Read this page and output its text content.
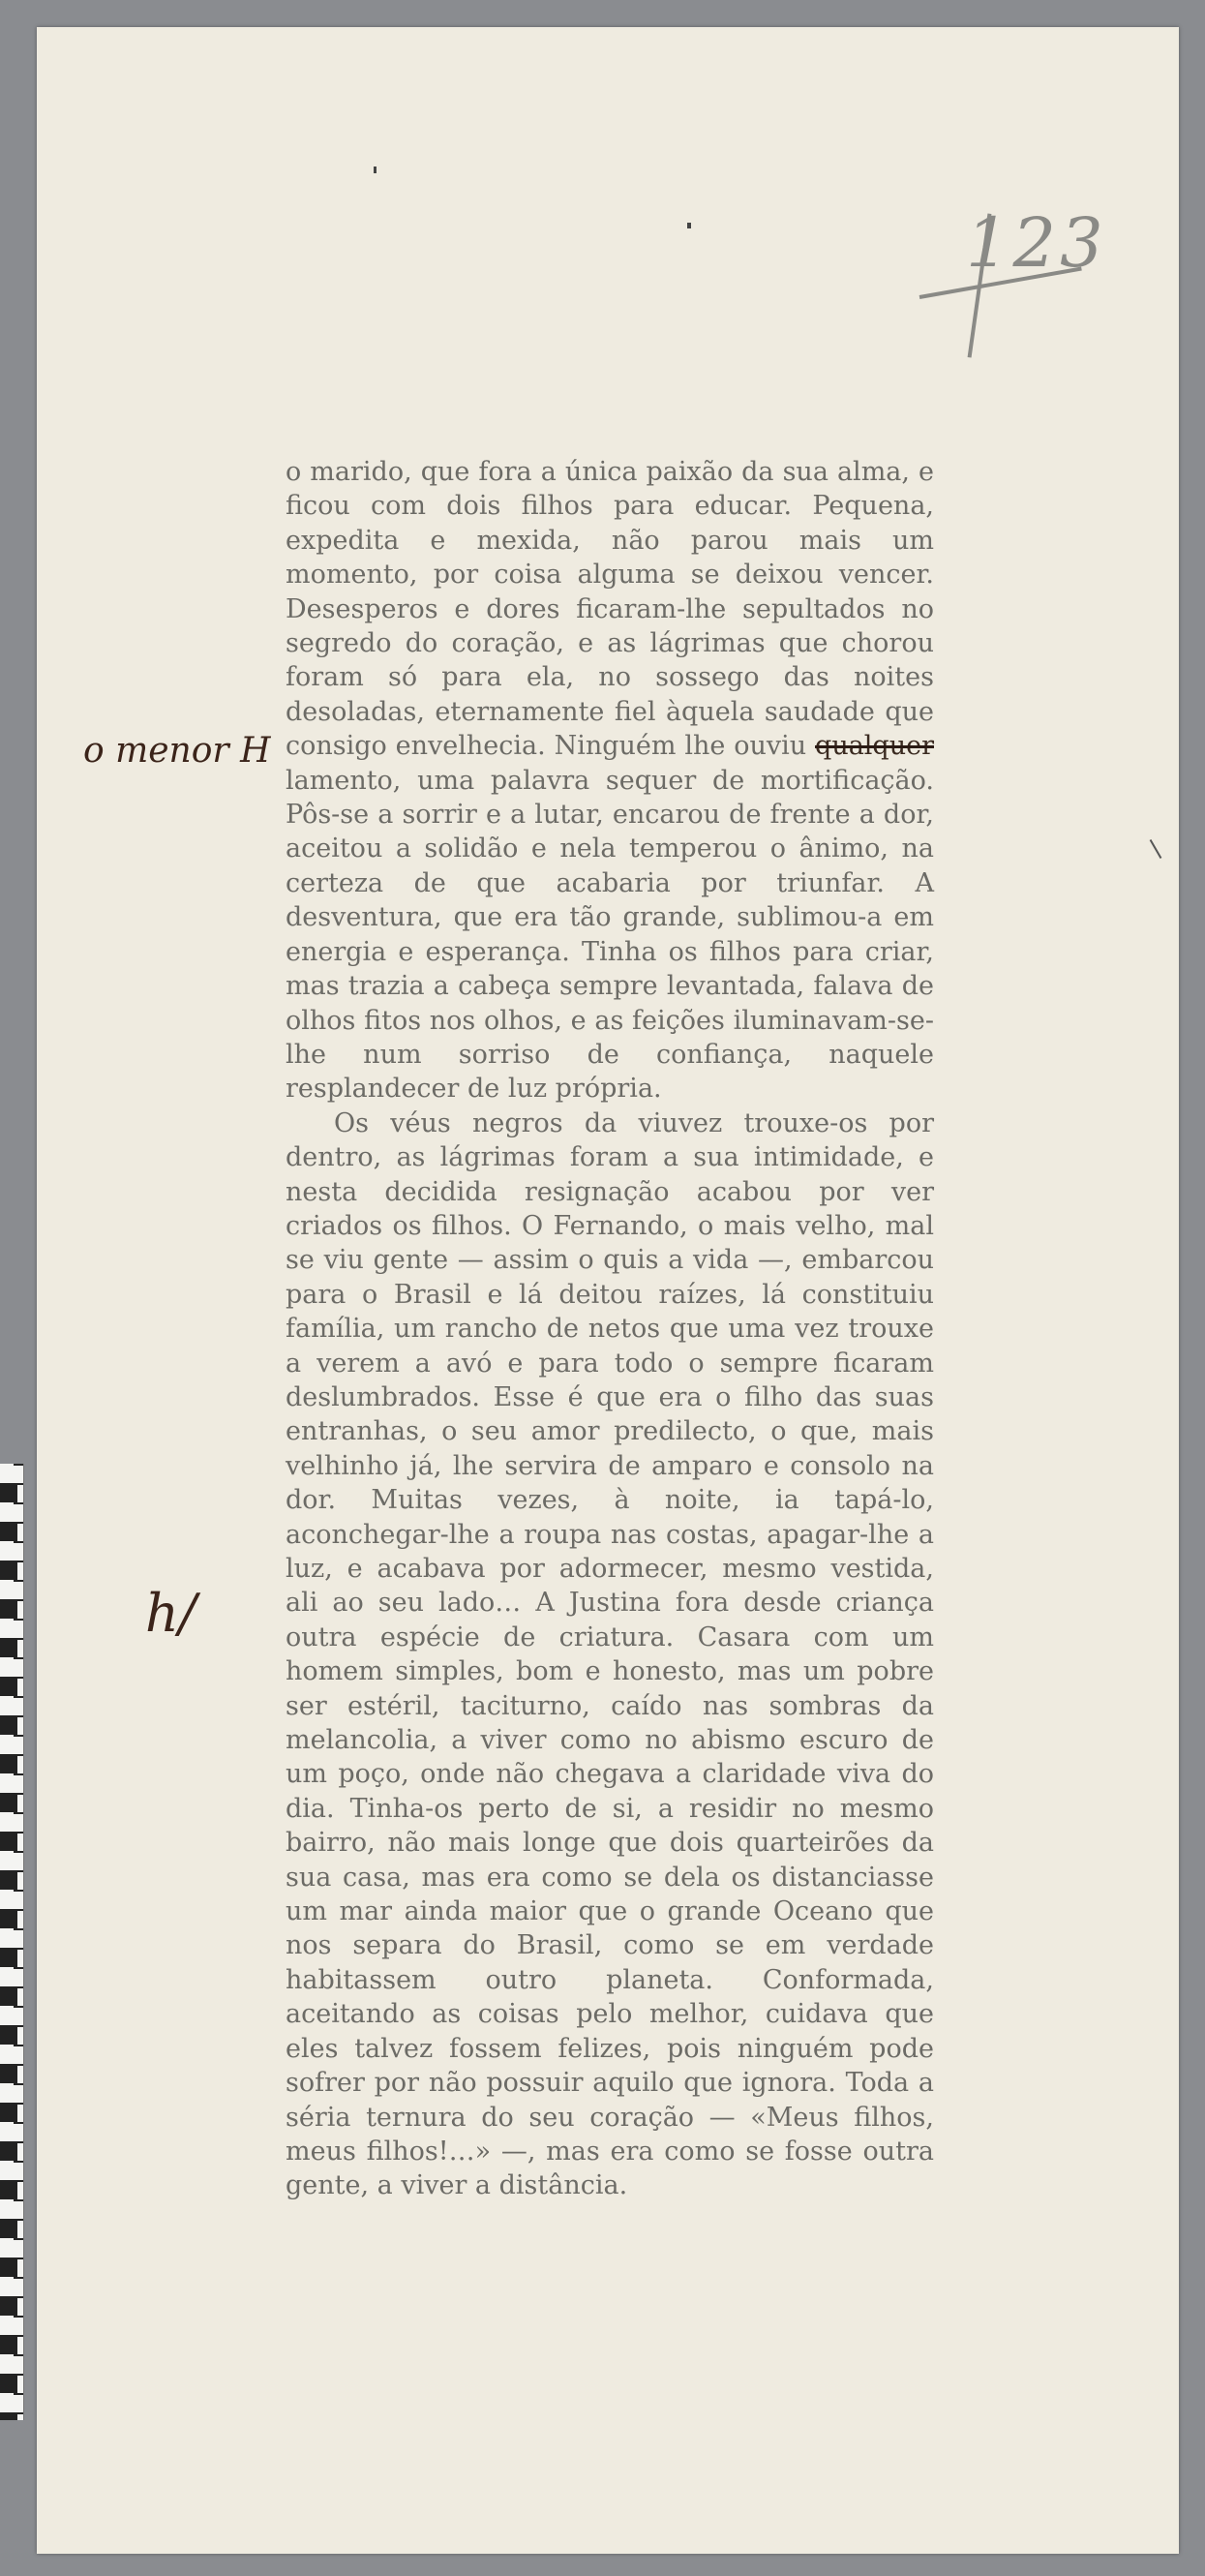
123
o menor H
h/

o marido, que fora a única paixão da sua alma, e ficou com dois filhos para educar. Pequena, expedita e mexida, não parou mais um momento, por coisa alguma se deixou vencer. Desesperos e dores ficaram-lhe sepultados no segredo do coração, e as lágrimas que chorou foram só para ela, no sossego das noites desoladas, eternamente fiel àquela saudade que consigo envelhecia. Ninguém lhe ouviu qualquer lamento, uma palavra sequer de mortificação. Pôs-se a sorrir e a lutar, encarou de frente a dor, aceitou a solidão e nela temperou o ânimo, na certeza de que acabaria por triunfar. A desventura, que era tão grande, sublimou-a em energia e esperança. Tinha os filhos para criar, mas trazia a cabeça sempre levantada, falava de olhos fitos nos olhos, e as feições iluminavam-se-lhe num sorriso de confiança, naquele resplandecer de luz própria.

Os véus negros da viuvez trouxe-os por dentro, as lágrimas foram a sua intimidade, e nesta decidida resignação acabou por ver criados os filhos. O Fernando, o mais velho, mal se viu gente — assim o quis a vida —, embarcou para o Brasil e lá deitou raízes, lá constituiu família, um rancho de netos que uma vez trouxe a verem a avó e para todo o sempre ficaram deslumbrados. Esse é que era o filho das suas entranhas, o seu amor predilecto, o que, mais velhinho já, lhe servira de amparo e consolo na dor. Muitas vezes, à noite, ia tapá-lo, aconchegar-lhe a roupa nas costas, apagar-lhe a luz, e acabava por adormecer, mesmo vestida, ali ao seu lado… A Justina fora desde criança outra espécie de criatura. Casara com um homem simples, bom e honesto, mas um pobre ser estéril, taciturno, caído nas sombras da melancolia, a viver como no abismo escuro de um poço, onde não chegava a claridade viva do dia. Tinha-os perto de si, a residir no mesmo bairro, não mais longe que dois quarteirões da sua casa, mas era como se dela os distanciasse um mar ainda maior que o grande Oceano que nos separa do Brasil, como se em verdade habitassem outro planeta. Conformada, aceitando as coisas pelo melhor, cuidava que eles talvez fossem felizes, pois ninguém pode sofrer por não possuir aquilo que ignora. Toda a séria ternura do seu coração — «Meus filhos, meus filhos!…» —, mas era como se fosse outra gente, a viver a distância.
